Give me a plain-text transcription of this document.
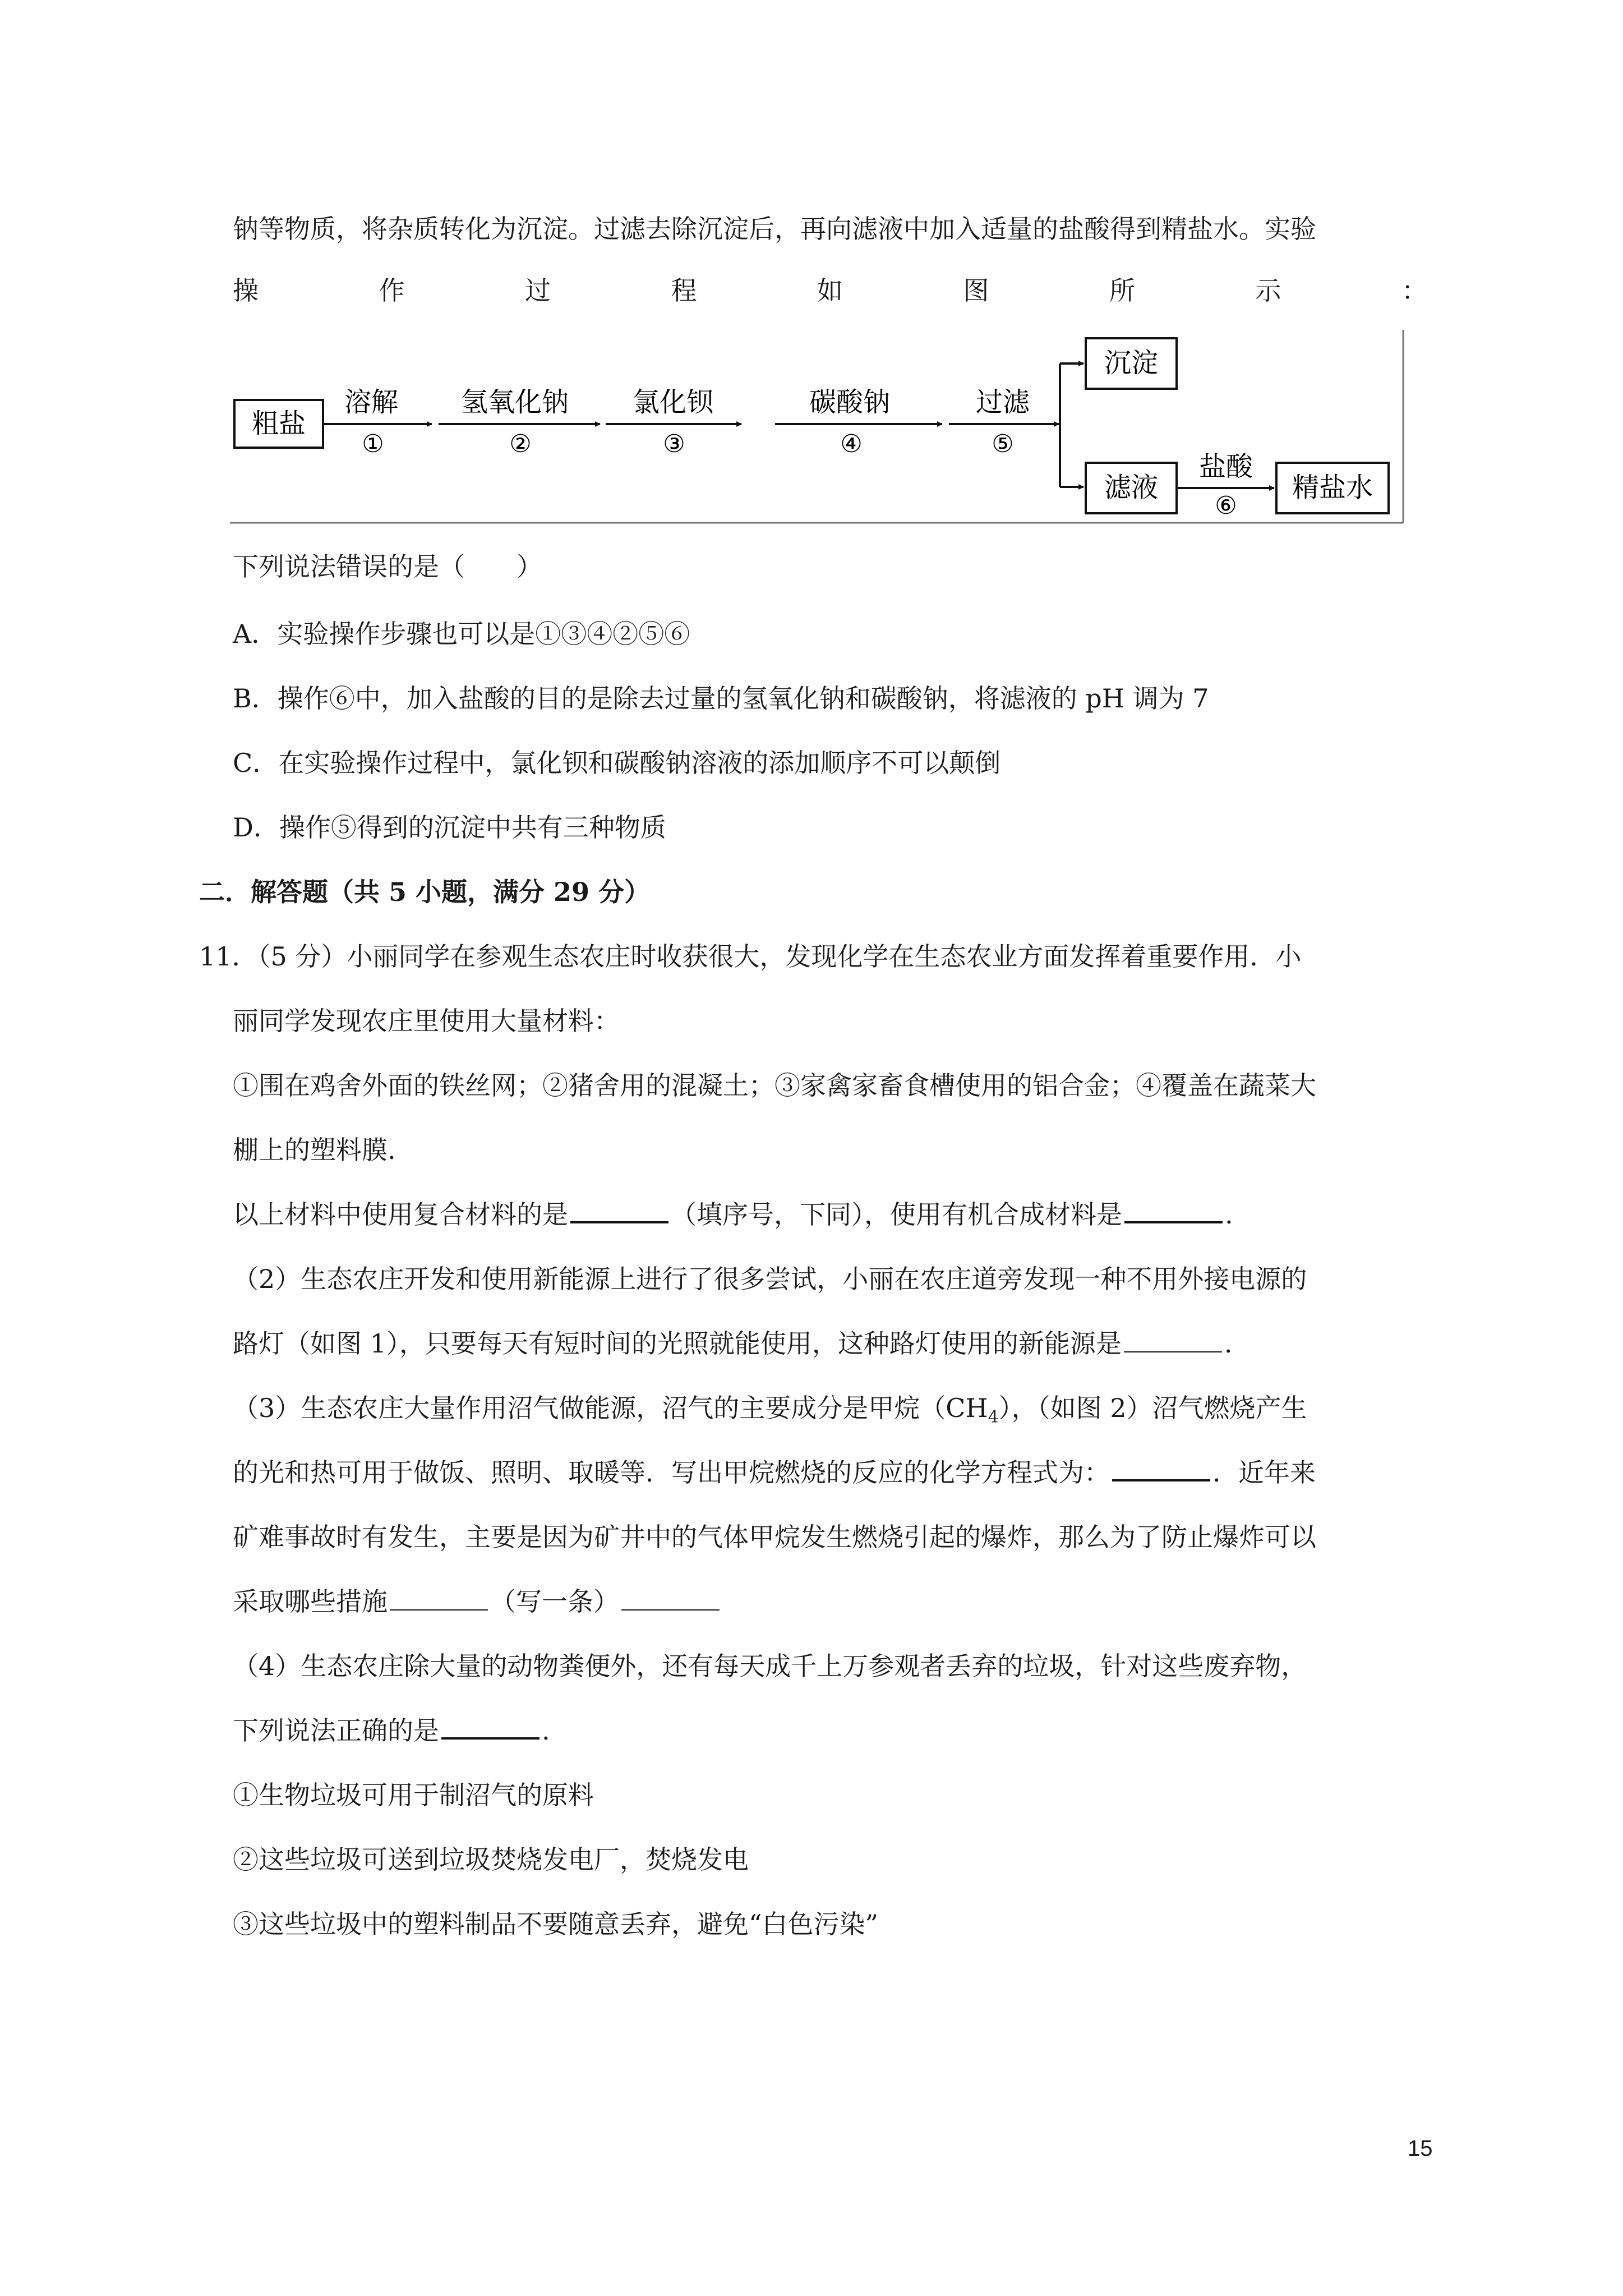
钠等物质，将杂质转化为沉淀。过滤去除沉淀后，再向滤液中加入适量的盐酸得到精盐水。实验
操	作	过	程	如	图	所	示	：
粗盐
溶解
①
氢氧化钠
②
氯化钡
③
碳酸钠
④
过滤
⑤
沉淀
滤液
盐酸
⑥
精盐水
下列说法错误的是（　　）
A．实验操作步骤也可以是①③④②⑤⑥
B．操作⑥中，加入盐酸的目的是除去过量的氢氧化钠和碳酸钠，将滤液的 pH 调为 7
C．在实验操作过程中，氯化钡和碳酸钠溶液的添加顺序不可以颠倒
D．操作⑤得到的沉淀中共有三种物质
二．解答题（共 5 小题，满分 29 分）
11．（5 分）小丽同学在参观生态农庄时收获很大，发现化学在生态农业方面发挥着重要作用．小
丽同学发现农庄里使用大量材料：
①围在鸡舍外面的铁丝网；②猪舍用的混凝土；③家禽家畜食槽使用的铝合金；④覆盖在蔬菜大
棚上的塑料膜.
以上材料中使用复合材料的是	（填序号，下同），使用有机合成材料是	.
（2）生态农庄开发和使用新能源上进行了很多尝试，小丽在农庄道旁发现一种不用外接电源的
路灯（如图 1），只要每天有短时间的光照就能使用，这种路灯使用的新能源是	.
（3）生态农庄大量作用沼气做能源，沼气的主要成分是甲烷$(CH_4)$，（如图 2）沼气燃烧产生
的光和热可用于做饭、照明、取暖等．写出甲烷燃烧的反应的化学方程式为：	．近年来
矿难事故时有发生，主要是因为矿井中的气体甲烷发生燃烧引起的爆炸，那么为了防止爆炸可以
采取哪些措施	（写一条）
（4）生态农庄除大量的动物粪便外，还有每天成千上万参观者丢弃的垃圾，针对这些废弃物，
下列说法正确的是	.
①生物垃圾可用于制沼气的原料
②这些垃圾可送到垃圾焚烧发电厂，焚烧发电
③这些垃圾中的塑料制品不要随意丢弃，避免“白色污染”
15
